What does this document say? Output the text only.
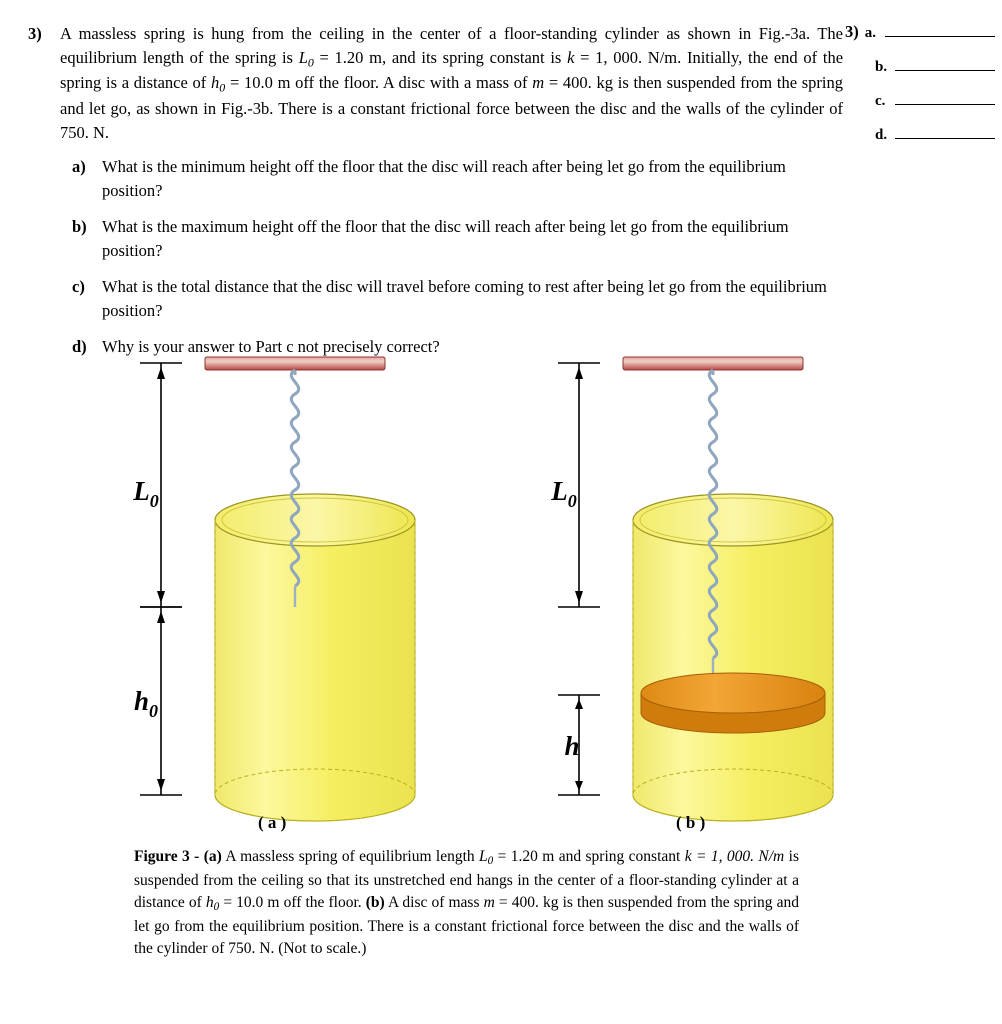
3)	A massless spring is hung from the ceiling in the center of a floor-standing cylinder as shown in Fig.-3a. The equilibrium length of the spring is $L_0 = 1.20$ m, and its spring constant is k = 1, 000. N/m. Initially, the end of the spring is a distance of $h_0 = 10.0$ m off the floor. A disc with a mass of m = 400. kg is then suspended from the spring and let go, as shown in Fig.-3b. There is a constant frictional force between the disc and the walls of the cylinder of 750. N.
3) a.
b.
c.
d.
a) What is the minimum height off the floor that the disc will reach after being let go from the equilibrium position?
b) What is the maximum height off the floor that the disc will reach after being let go from the equilibrium position?
c)	What is the total distance that the disc will travel before coming to rest after being let go from the equilibrium position?
d) Why is your answer to Part c not precisely correct?
$L_0$
$h_0$
$L_0$
h
( a )	( b )
Figure 3 - (a) A massless spring of equilibrium length $L_0 = 1.20$ m and spring constant k = 1, 000. N/m is suspended from the ceiling so that its unstretched end hangs in the center of a floor-standing cylinder at a distance of $h_0 = 10.0$ m off the floor. (b) A disc of mass m = 400. kg is then suspended from the spring and let go from the equilibrium position. There is a constant frictional force between the disc and the walls of the cylinder of 750. N. (Not to scale.)
